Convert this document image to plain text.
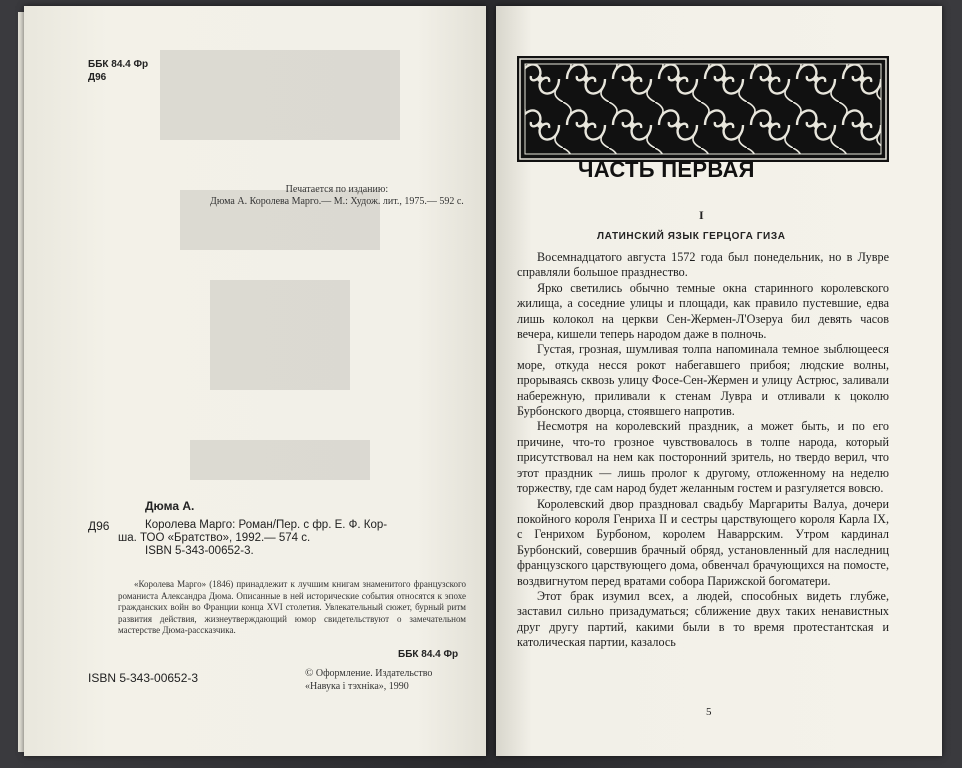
ББК 84.4 Фр
Д96
Печатается по изданию:
Дюма А. Королева Марго.— М.: Худож. лит., 1975.— 592 с.
Дюма А.
Д96	Королева Марго: Роман/Пер. с фр. Е. Ф. Кор-
ша. ТОО «Братство», 1992.— 574 с.
ISBN 5-343-00652-3.
«Королева Марго» (1846) принадлежит к лучшим книгам знаменитого французского романиста Александра Дюма. Описанные в ней исторические события относятся к эпохе гражданских войн во Франции конца XVI столетия. Увлекательный сюжет, бурный ритм развития действия, жизнеутверждающий юмор свидетельствуют о замечательном мастерстве Дюма-рассказчика.
ББК 84.4 Фр
ISBN 5-343-00652-3	© Оформление. Издательство
«Навука і тэхніка», 1990
ЧАСТЬ ПЕРВАЯ
I
ЛАТИНСКИЙ ЯЗЫК ГЕРЦОГА ГИЗА

Восемнадцатого августа 1572 года был понедельник, но в Лувре справляли большое празднество.

Ярко светились обычно темные окна старинного королевского жилища, а соседние улицы и площади, как правило пустевшие, едва лишь колокол на церкви Сен-Жермен-Л'Озеруа бил девять часов вечера, кишели теперь народом даже в полночь.

Густая, грозная, шумливая толпа напоминала темное зыблющееся море, откуда несся рокот набегавшего прибоя; людские волны, прорываясь сквозь улицу Фосе-Сен-Жермен и улицу Астрюс, заливали набережную, приливали к стенам Лувра и отливали к цоколю Бурбонского дворца, стоявшего напротив.

Несмотря на королевский праздник, а может быть, и по его причине, что-то грозное чувствовалось в толпе народа, который присутствовал на нем как посторонний зритель, но твердо верил, что этот праздник — лишь пролог к другому, отложенному на неделю торжеству, где сам народ будет желанным гостем и разгуляется вовсю.

Королевский двор праздновал свадьбу Маргариты Валуа, дочери покойного короля Генриха II и сестры царствующего короля Карла IX, с Генрихом Бурбоном, королем Наваррским. Утром кардинал Бурбонский, совершив брачный обряд, установленный для наследниц французского царствующего дома, обвенчал брачующихся на помосте, воздвигнутом перед вратами собора Парижской богоматери.

Этот брак изумил всех, а людей, способных видеть глубже, заставил сильно призадуматься; сближение двух таких ненавистных друг другу партий, какими были в то время протестантская и католическая партии, казалось

5
